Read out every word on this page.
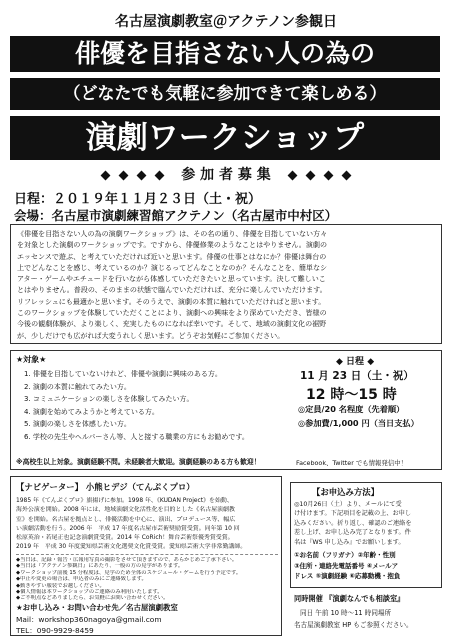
名古屋演劇教室＠アクテノン参観日
俳優を目指さない人の為の
（どなたでも気軽に参加できて楽しめる）
演劇ワークショップ
参 加 者 募 集
日程：２０１９年１１月２３日（土・祝）
会場：名古屋市演劇練習館アクテノン（名古屋市中村区）
《俳優を目指さない人の為の演劇ワークショップ》は、その名の通り、俳優を目指していない方々
を対象とした演劇のワークショップです。ですから、俳優修業のようなことはやりません。演劇の
エッセンスで遊ぶ、と考えていただければ近いと思います。俳優の仕事とはなにか？俳優は舞台の
上でどんなことを感じ、考えているのか？演じるってどんなことなのか？そんなことを、簡単なシ
アター・ゲームやエチュードを行いながら体感していただきたいと思っています。決して難しいこ
とはやりません。普段の、そのままの状態で臨んでいただければ、充分に楽しんでいただけます。
リフレッシュにも最適かと思います。そのうえで、演劇の本質に触れていただければと思います。
このワークショップを体験していただくことにより、演劇への興味をより深めていただき、皆様の
今後の観劇体験が、より楽しく、充実したものになれば幸いです。そして、地域の演劇文化の裾野
が、少しだけでも広がれば大変うれしく思います。どうぞお気軽にご参加ください。
★対象★
1. 俳優を目指していないけれど、俳優や演劇に興味のある方。
2. 演劇の本質に触れてみたい方。
3. コミュニケーションの楽しさを体験してみたい方。
4. 演劇を始めてみようかと考えている方。
5. 演劇の楽しさを体感したい方。
6. 学校の先生やヘルパーさん等、人と接する職業の方にもお勧めです。
※高校生以上対象。演劇経験不問。未経験者大歓迎。演劇経験のある方も歓迎！
◆ 日程 ◆
11 月 23 日（土・祝）
12 時～15 時
◎定員/20 名程度（先着順）
◎参加費/1,000 円（当日支払）
Facebook、Twitter でも情報発信中！
【ナビゲーター】 小熊ヒデジ（てんぷくプロ）
1985 年《てんぷくプロ》旗揚げに参加。1998 年、《KUDAN Project》を始動、
海外公演を開始。2008 年には、地域演劇文化活性化を目的とした《名古屋演劇教
室》を開始。名古屋を拠点とし、俳優活動を中心に、演出、プロデュース等、幅広
い演劇活動を行う。2006 年　平成 17 年度名古屋市芸術奨励賞受賞。同年第 10 回
松原英治・若尾正也記念演劇賞受賞。2014 年 CoRich！舞台芸術祭優秀賞受賞。
2019 年　平成 30 年度愛知県芸術文化選奨文化賞受賞。愛知県芸術大学非常勤講師。
◆当日は、記録・報告・広報用写真の撮影をさせて頂きますので、あらかじめご了承下さい。
◆当日は『アクテノン参観日』にあたり、一般の方の見学があります。
◆ワークショップ前後 15 分程度は、見学のため全体のスケジュール・ゲームを行う予定です。
◆中止や変更の場合は、申込者のみにご連絡致します。
◆動きやすい服装でお越しください。
◆個人情報は本ワークショップのご連絡のみ利用いたします。
◆ご不明点などありましたら、お気軽にお問い合わせください。
★お申し込み・お問い合わせ先／名古屋演劇教室
Mail：workshop360nagoya@gmail.com
TEL：090-9929-8459
【お申込み方法】
◎10月26日（土）より、メールにて受
け付けます。下記項目を記載の上、お申し
込みください。折り返し、確認のご連絡を
差し上げ、お申し込み完了となります。件
名は『WS 申し込み』でお願いします。
①お名前（フリガナ）②年齢・性別
③住所・連絡先電話番号 ④メールア
ドレス ⑤演劇経験 ⑥応募動機・抱負
同時開催 『演劇なんでも相談室』
同日 午前 10 時～11 時同場所
名古屋演劇教室 HP もご参照ください。
